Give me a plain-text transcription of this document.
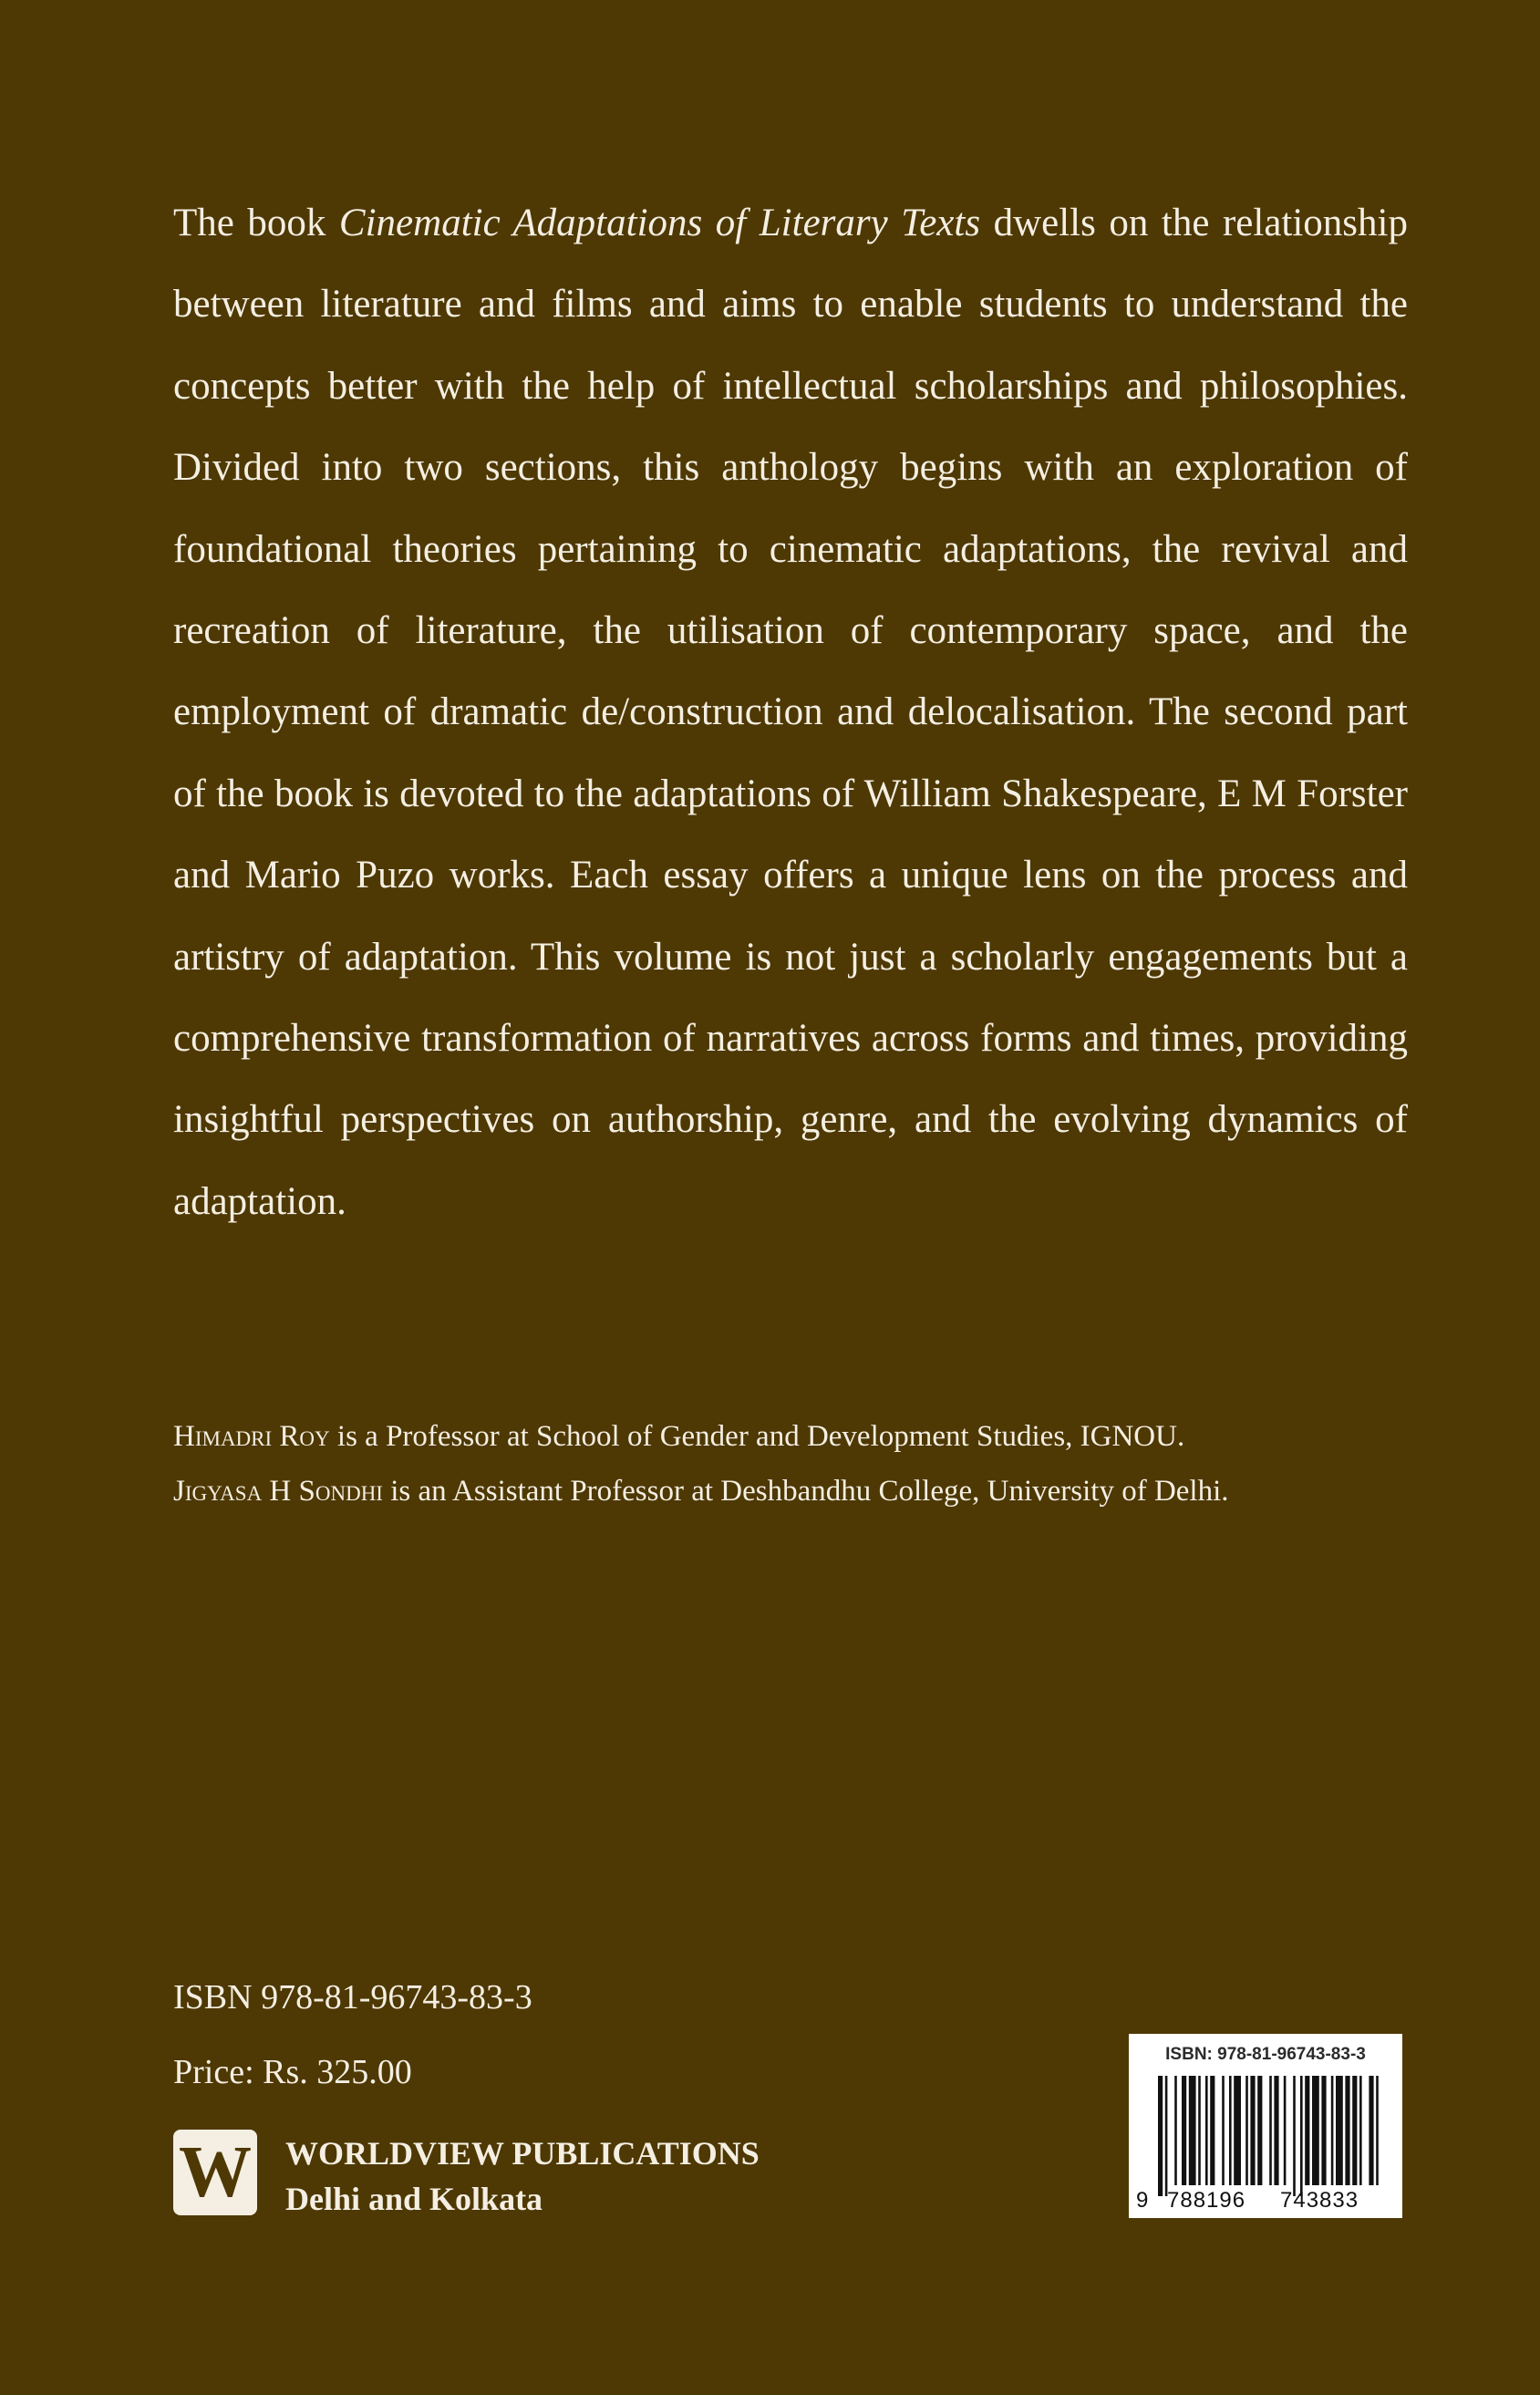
The book Cinematic Adaptations of Literary Texts dwells on the relationship between literature and films and aims to enable students to understand the concepts better with the help of intellectual scholarships and philosophies. Divided into two sections, this anthology begins with an exploration of foundational theories pertaining to cinematic adaptations, the revival and recreation of literature, the utilisation of contemporary space, and the employment of dramatic de/construction and delocalisation. The second part of the book is devoted to the adaptations of William Shakespeare, E M Forster and Mario Puzo works. Each essay offers a unique lens on the process and artistry of adaptation. This volume is not just a scholarly engagements but a comprehensive transformation of narratives across forms and times, providing insightful perspectives on authorship, genre, and the evolving dynamics of adaptation.

Himadri Roy is a Professor at School of Gender and Development Studies, IGNOU.
Jigyasa H Sondhi is an Assistant Professor at Deshbandhu College, University of Delhi.
ISBN 978-81-96743-83-3
Price: Rs. 325.00
W WORLDVIEW PUBLICATIONS
Delhi and Kolkata
ISBN: 978-81-96743-83-3
9 788196 743833
